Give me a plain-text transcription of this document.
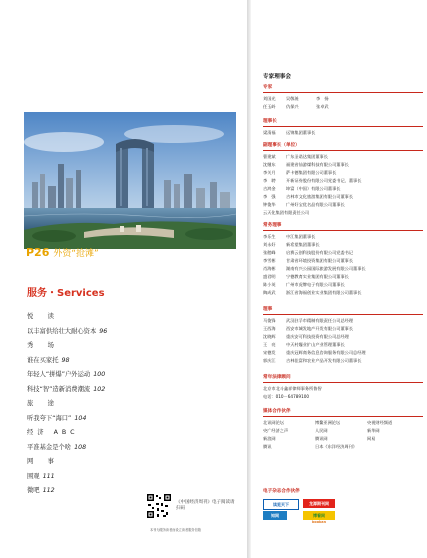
P26 外资“抢滩”
服务・Services
悦　读
以丰富供给壮大耐心资本 96
秀　场
谁在买家托 98
年轻人“拼爆”户外运动 100
科技“智”造新消费潮流 102
旅　途
听我夸下“海口” 104
经济 ABC
平准基金是个啥 108
网　事
围观 111
微吧 112
《中国经济周刊》电子阅读请扫码
本刊为服务读者而设立读者服务信箱
专家理事会
专家
刘国光	吴敬琏	李　扬
任玉岭	仇保兴	张卓武
理事长
梁清福	远锦集团董事长
副理事长（单位）
曹建斌	广东圣诺达集团董事长
沈继东	福建省仙游煤科技有限公司董事长
李关月	萨卡德集团有限公司董事长
李　聘	开新证券股份有限公司党委书记、董事长
吉鸿金	坤富（中国）有限公司董事长
李　强	吉林市文化旅游集团有限公司董事长
钟俊华	广州好宝优名品有限公司董事长
云天化集团有限责任公司
常务理事
李乐生	中江集团董事长
刘永好	新希望集团董事长
张懿峰	启赛云创科技股份有限公司党委书记
李雪彬	甘肃省环境投资集团有限公司董事长
肖海彬	湖南有兴公园国际旅游发展有限公司董事长
盛君明	宁德教育实业集团有限公司董事长
陈小英	广州市虎牌电子有限公司董事长
陶成武	浙江省海福创业实业集团有限公司董事长
理事
马俊锋	武汉驻孚市精制有限责任公司总经理
王西海	西安市城发地产开发有限公司董事长
沈晓辉	重庆安可科技投资有限公司总经理
王　亮	中天村爆业扩山产业管理董事长
宋德发	重庆冠辉商务信息咨询服务有限公司总经理
郭庆江	吉林佳富和农业产品开发有限公司董事长
常年法律顾问
北京市北斗鑫祥律师事务所 鲁智
电话：010－64789100
媒体合作伙伴
北讯网论坛	博鳌亚洲论坛	央视财经频道
央广经济之声	人民网	新华网
新浪网	腾讯网	网易
腾讯	日本《东洋经济周刊》
电子杂志合作伙伴
读览天下	龙源期刊网
知网	博看网
bookan
